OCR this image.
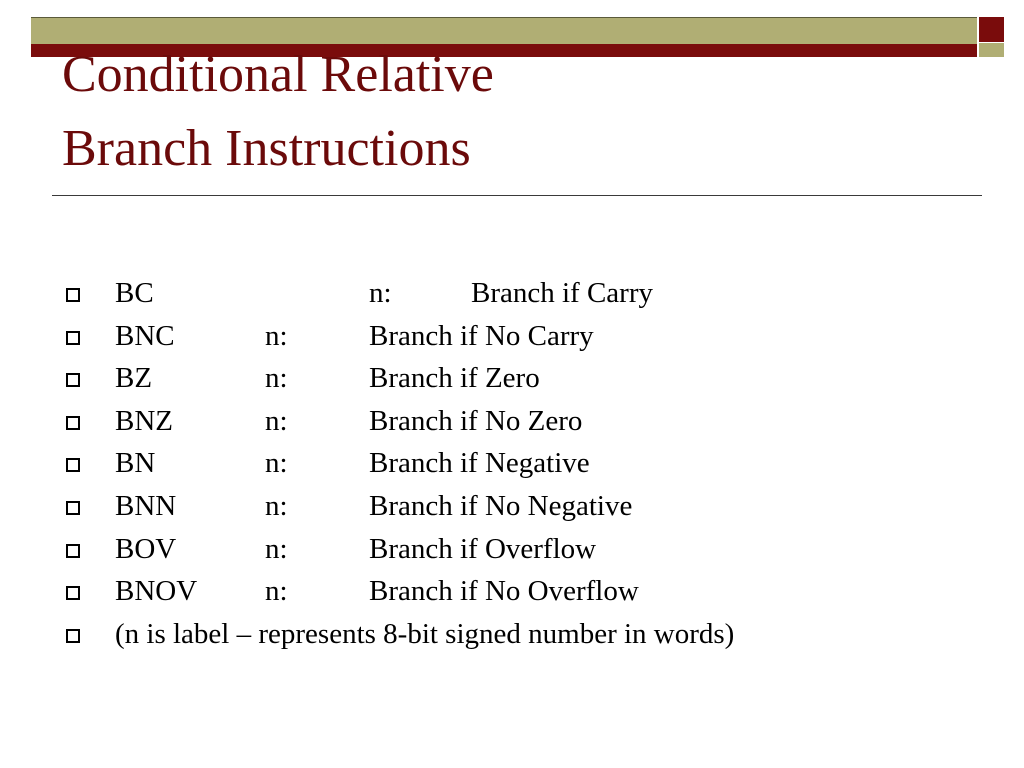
Conditional Relative
Branch Instructions
BC	n:	Branch if Carry
BNC	n:	Branch if No Carry
BZ	n:	Branch if Zero
BNZ	n:	Branch if No Zero
BN	n:	Branch if Negative
BNN	n:	Branch if No Negative
BOV	n:	Branch if Overflow
BNOV n:	Branch if No Overflow
(n is label – represents 8-bit signed number in words)
